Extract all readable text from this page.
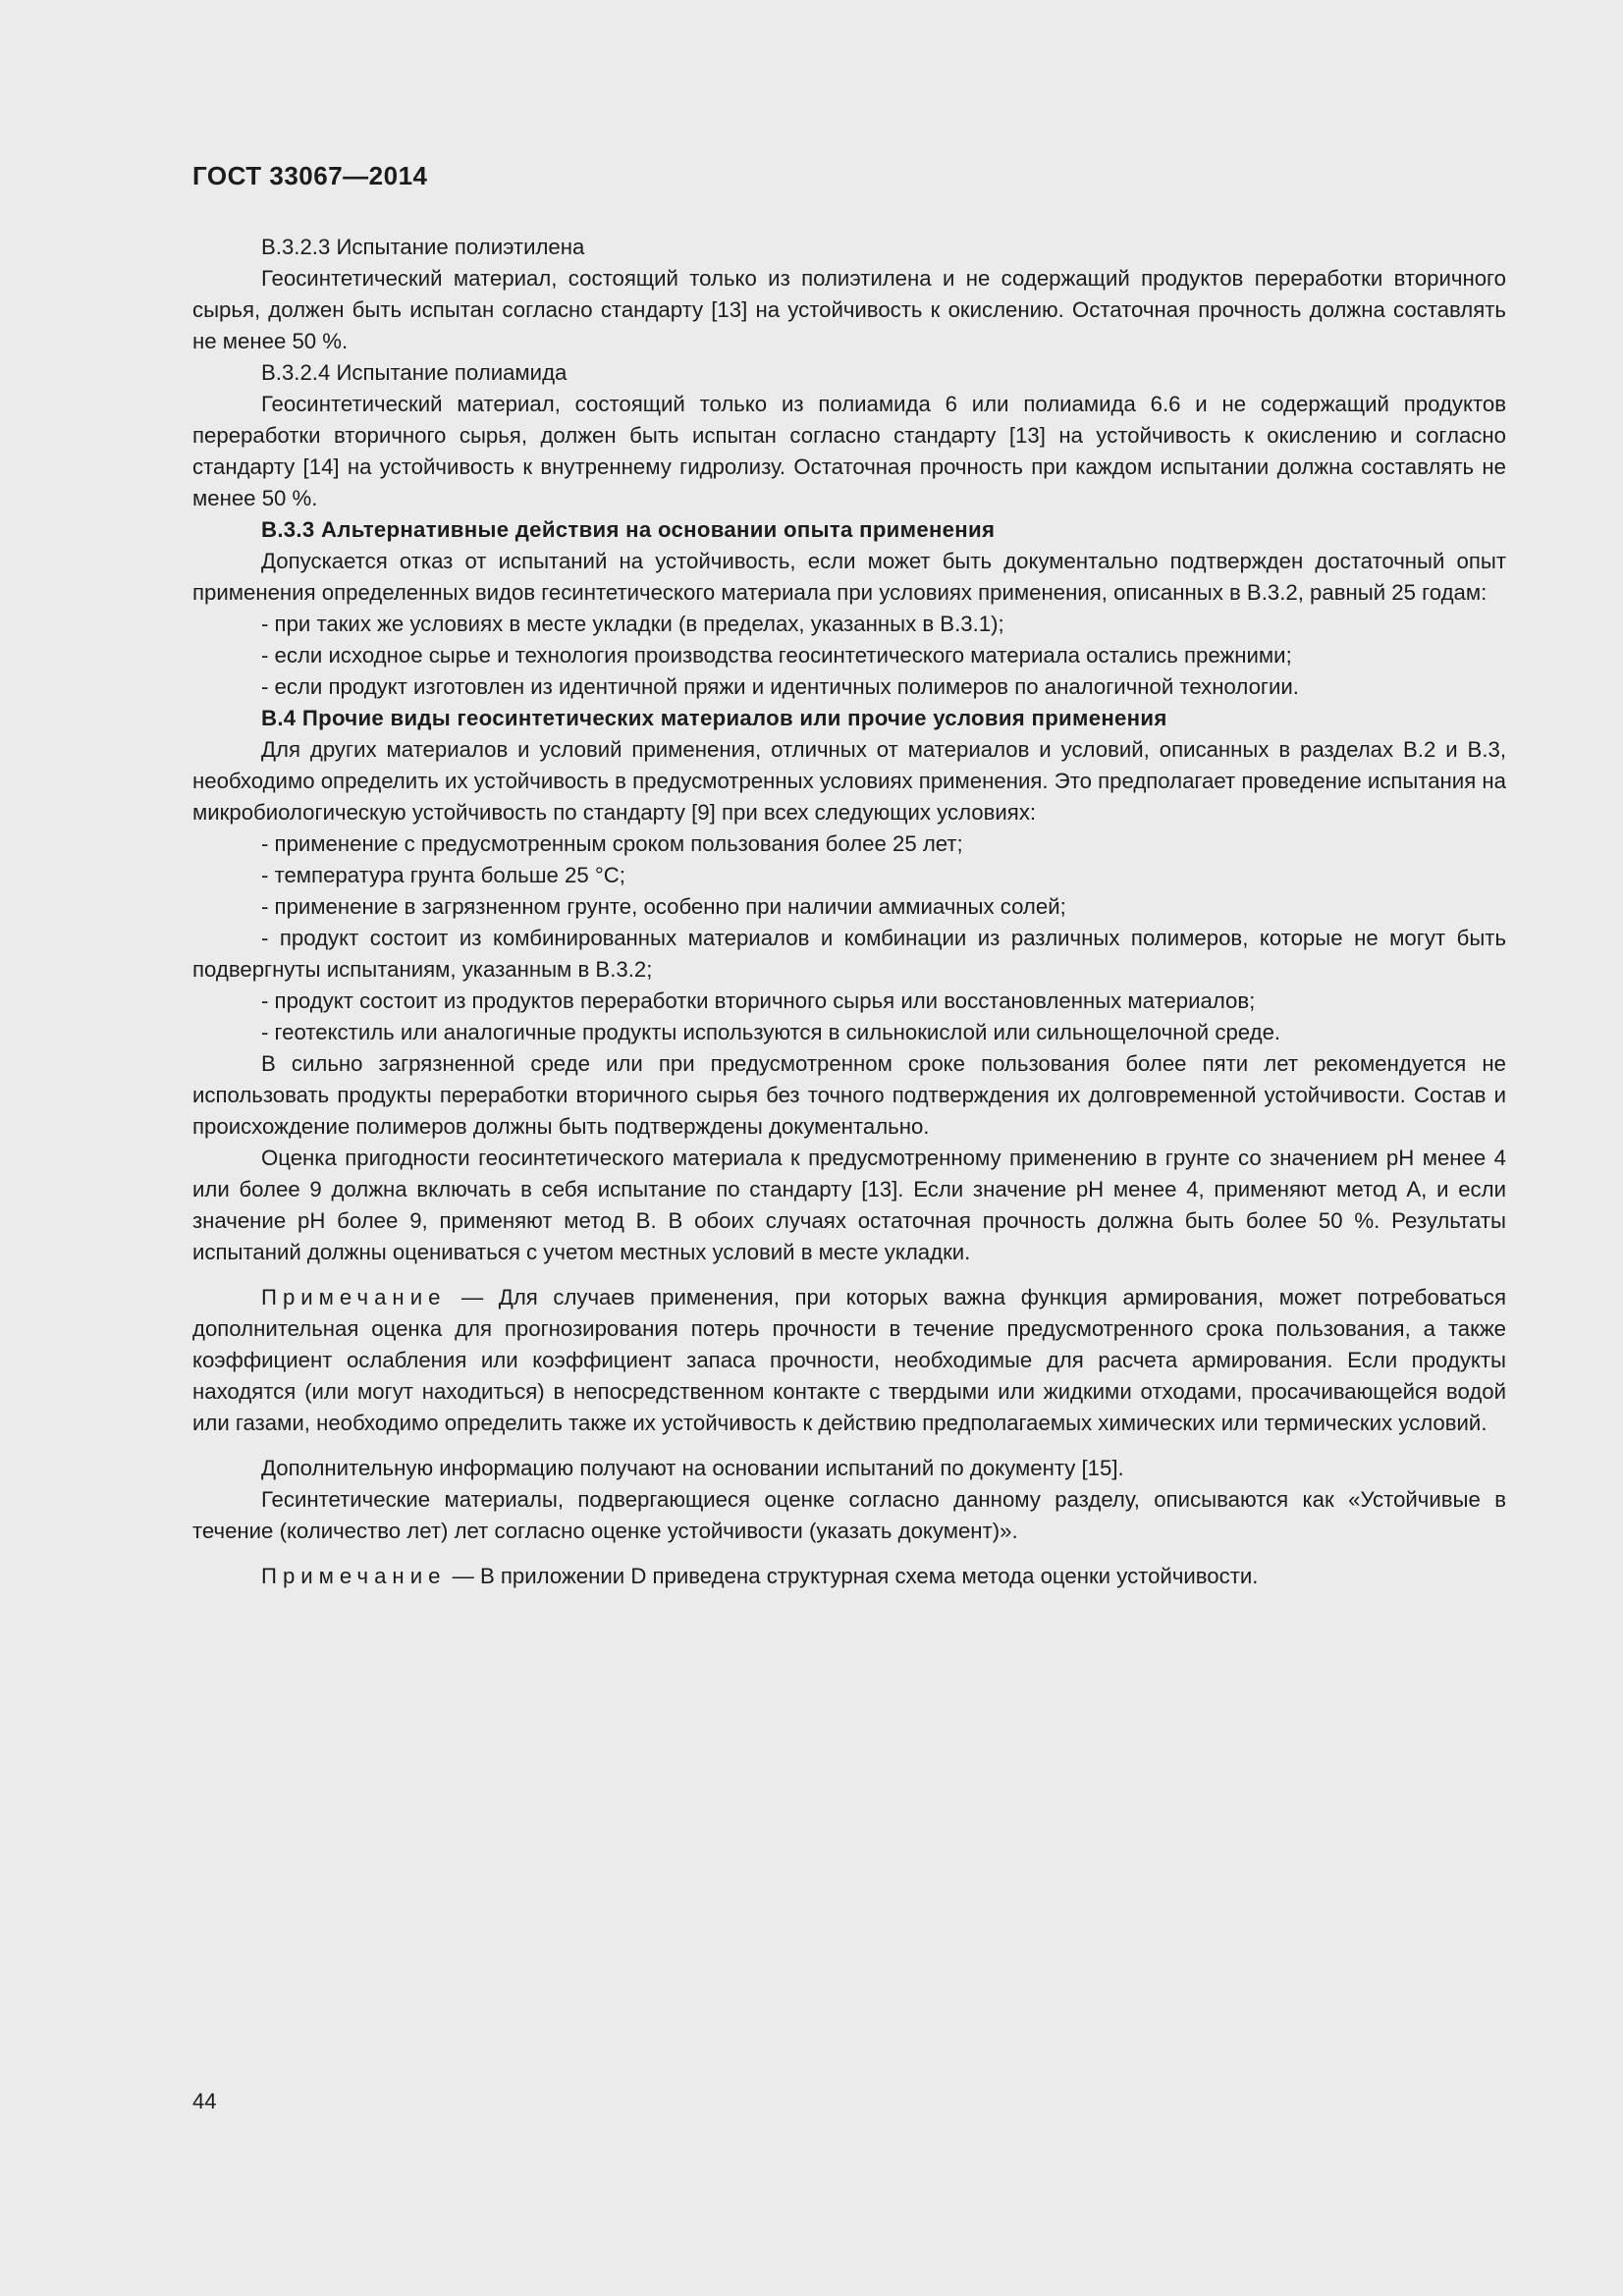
ГОСТ 33067—2014

B.3.2.3 Испытание полиэтилена

Геосинтетический материал, состоящий только из полиэтилена и не содержащий продуктов переработки вторичного сырья, должен быть испытан согласно стандарту [13] на устойчивость к окислению. Остаточная прочность должна составлять не менее 50 %.

B.3.2.4 Испытание полиамида

Геосинтетический материал, состоящий только из полиамида 6 или полиамида 6.6 и не содержащий продуктов переработки вторичного сырья, должен быть испытан согласно стандарту [13] на устойчивость к окислению и согласно стандарту [14] на устойчивость к внутреннему гидролизу. Остаточная прочность при каждом испытании должна составлять не менее 50 %.

B.3.3 Альтернативные действия на основании опыта применения

Допускается отказ от испытаний на устойчивость, если может быть документально подтвержден достаточный опыт применения определенных видов гесинтетического материала при условиях применения, описанных в B.3.2, равный 25 годам:

- при таких же условиях в месте укладки (в пределах, указанных в B.3.1);

- если исходное сырье и технология производства геосинтетического материала остались прежними;

- если продукт изготовлен из идентичной пряжи и идентичных полимеров по аналогичной технологии.

B.4 Прочие виды геосинтетических материалов или прочие условия применения

Для других материалов и условий применения, отличных от материалов и условий, описанных в разделах B.2 и B.3, необходимо определить их устойчивость в предусмотренных условиях применения. Это предполагает проведение испытания на микробиологическую устойчивость по стандарту [9] при всех следующих условиях:

- применение с предусмотренным сроком пользования более 25 лет;

- температура грунта больше 25 °С;

- применение в загрязненном грунте, особенно при наличии аммиачных солей;

- продукт состоит из комбинированных материалов и комбинации из различных полимеров, которые не могут быть подвергнуты испытаниям, указанным в B.3.2;

- продукт состоит из продуктов переработки вторичного сырья или восстановленных материалов;

- геотекстиль или аналогичные продукты используются в сильнокислой или сильнощелочной среде.

В сильно загрязненной среде или при предусмотренном сроке пользования более пяти лет рекомендуется не использовать продукты переработки вторичного сырья без точного подтверждения их долговременной устойчивости. Состав и происхождение полимеров должны быть подтверждены документально.

Оценка пригодности геосинтетического материала к предусмотренному применению в грунте со значением рН менее 4 или более 9 должна включать в себя испытание по стандарту [13]. Если значение рН менее 4, применяют метод А, и если значение рН более 9, применяют метод В. В обоих случаях остаточная прочность должна быть более 50 %. Результаты испытаний должны оцениваться с учетом местных условий в месте укладки.

Примечание — Для случаев применения, при которых важна функция армирования, может потребоваться дополнительная оценка для прогнозирования потерь прочности в течение предусмотренного срока пользования, а также коэффициент ослабления или коэффициент запаса прочности, необходимые для расчета армирования. Если продукты находятся (или могут находиться) в непосредственном контакте с твердыми или жидкими отходами, просачивающейся водой или газами, необходимо определить также их устойчивость к действию предполагаемых химических или термических условий.

Дополнительную информацию получают на основании испытаний по документу [15].

Гесинтетические материалы, подвергающиеся оценке согласно данному разделу, описываются как «Устойчивые в течение (количество лет) лет согласно оценке устойчивости (указать документ)».

Примечание — В приложении D приведена структурная схема метода оценки устойчивости.

44
